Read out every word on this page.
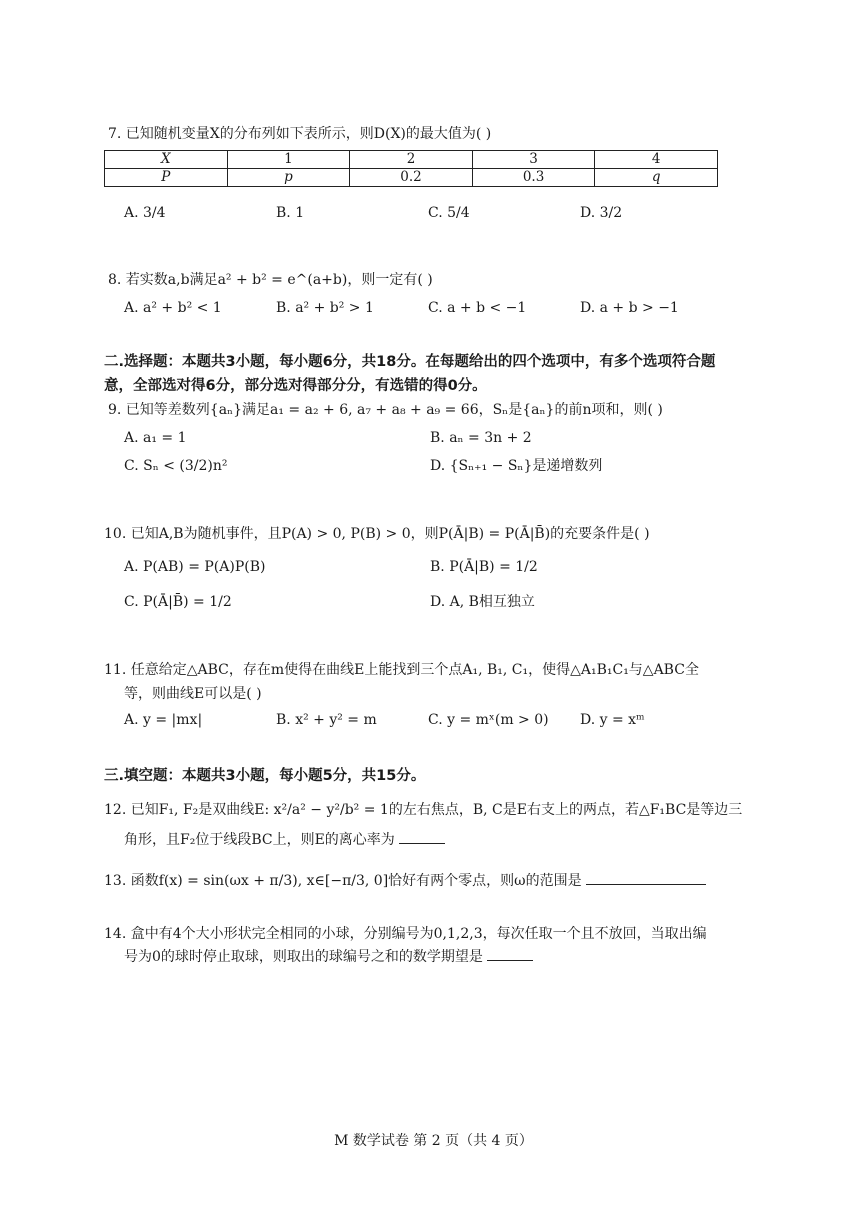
7. 已知随机变量X的分布列如下表所示，则D(X)的最大值为( )
X	1	2	3	4
P	p	0.2	0.3	q
A. 3/4	B. 1	C. 5/4	D. 3/2
8. 若实数a,b满足a² + b² = e^(a+b)，则一定有( )
A. a² + b² < 1	B. a² + b² > 1	C. a + b < −1	D. a + b > −1
二.选择题：本题共3小题，每小题6分，共18分。在每题给出的四个选项中，有多个选项符合题
意，全部选对得6分，部分选对得部分分，有选错的得0分。
9. 已知等差数列{aₙ}满足a₁ = a₂ + 6, a₇ + a₈ + a₉ = 66，Sₙ是{aₙ}的前n项和，则( )
A. a₁ = 1	B. aₙ = 3n + 2
C. Sₙ < (3/2)n²	D. {Sₙ₊₁ − Sₙ}是递增数列
10. 已知A,B为随机事件，且P(A) > 0, P(B) > 0，则P(Ā|B) = P(Ā|B̄)的充要条件是( )
A. P(AB) = P(A)P(B)	B. P(Ā|B) = 1/2
C. P(Ā|B̄) = 1/2	D. A, B相互独立
11. 任意给定△ABC，存在m使得在曲线E上能找到三个点A₁, B₁, C₁，使得△A₁B₁C₁与△ABC全
等，则曲线E可以是( )
A. y = |mx|	B. x² + y² = m	C. y = mˣ(m > 0) D. y = xᵐ
三.填空题：本题共3小题，每小题5分，共15分。
12. 已知F₁, F₂是双曲线E: x²/a² − y²/b² = 1的左右焦点，B, C是E右支上的两点，若△F₁BC是等边三
角形，且F₂位于线段BC上，则E的离心率为
13. 函数f(x) = sin(ωx + π/3), x∈[−π/3, 0]恰好有两个零点，则ω的范围是
14. 盒中有4个大小形状完全相同的小球，分别编号为0,1,2,3，每次任取一个且不放回，当取出编
号为0的球时停止取球，则取出的球编号之和的数学期望是
M 数学试卷 第 2 页（共 4 页）
